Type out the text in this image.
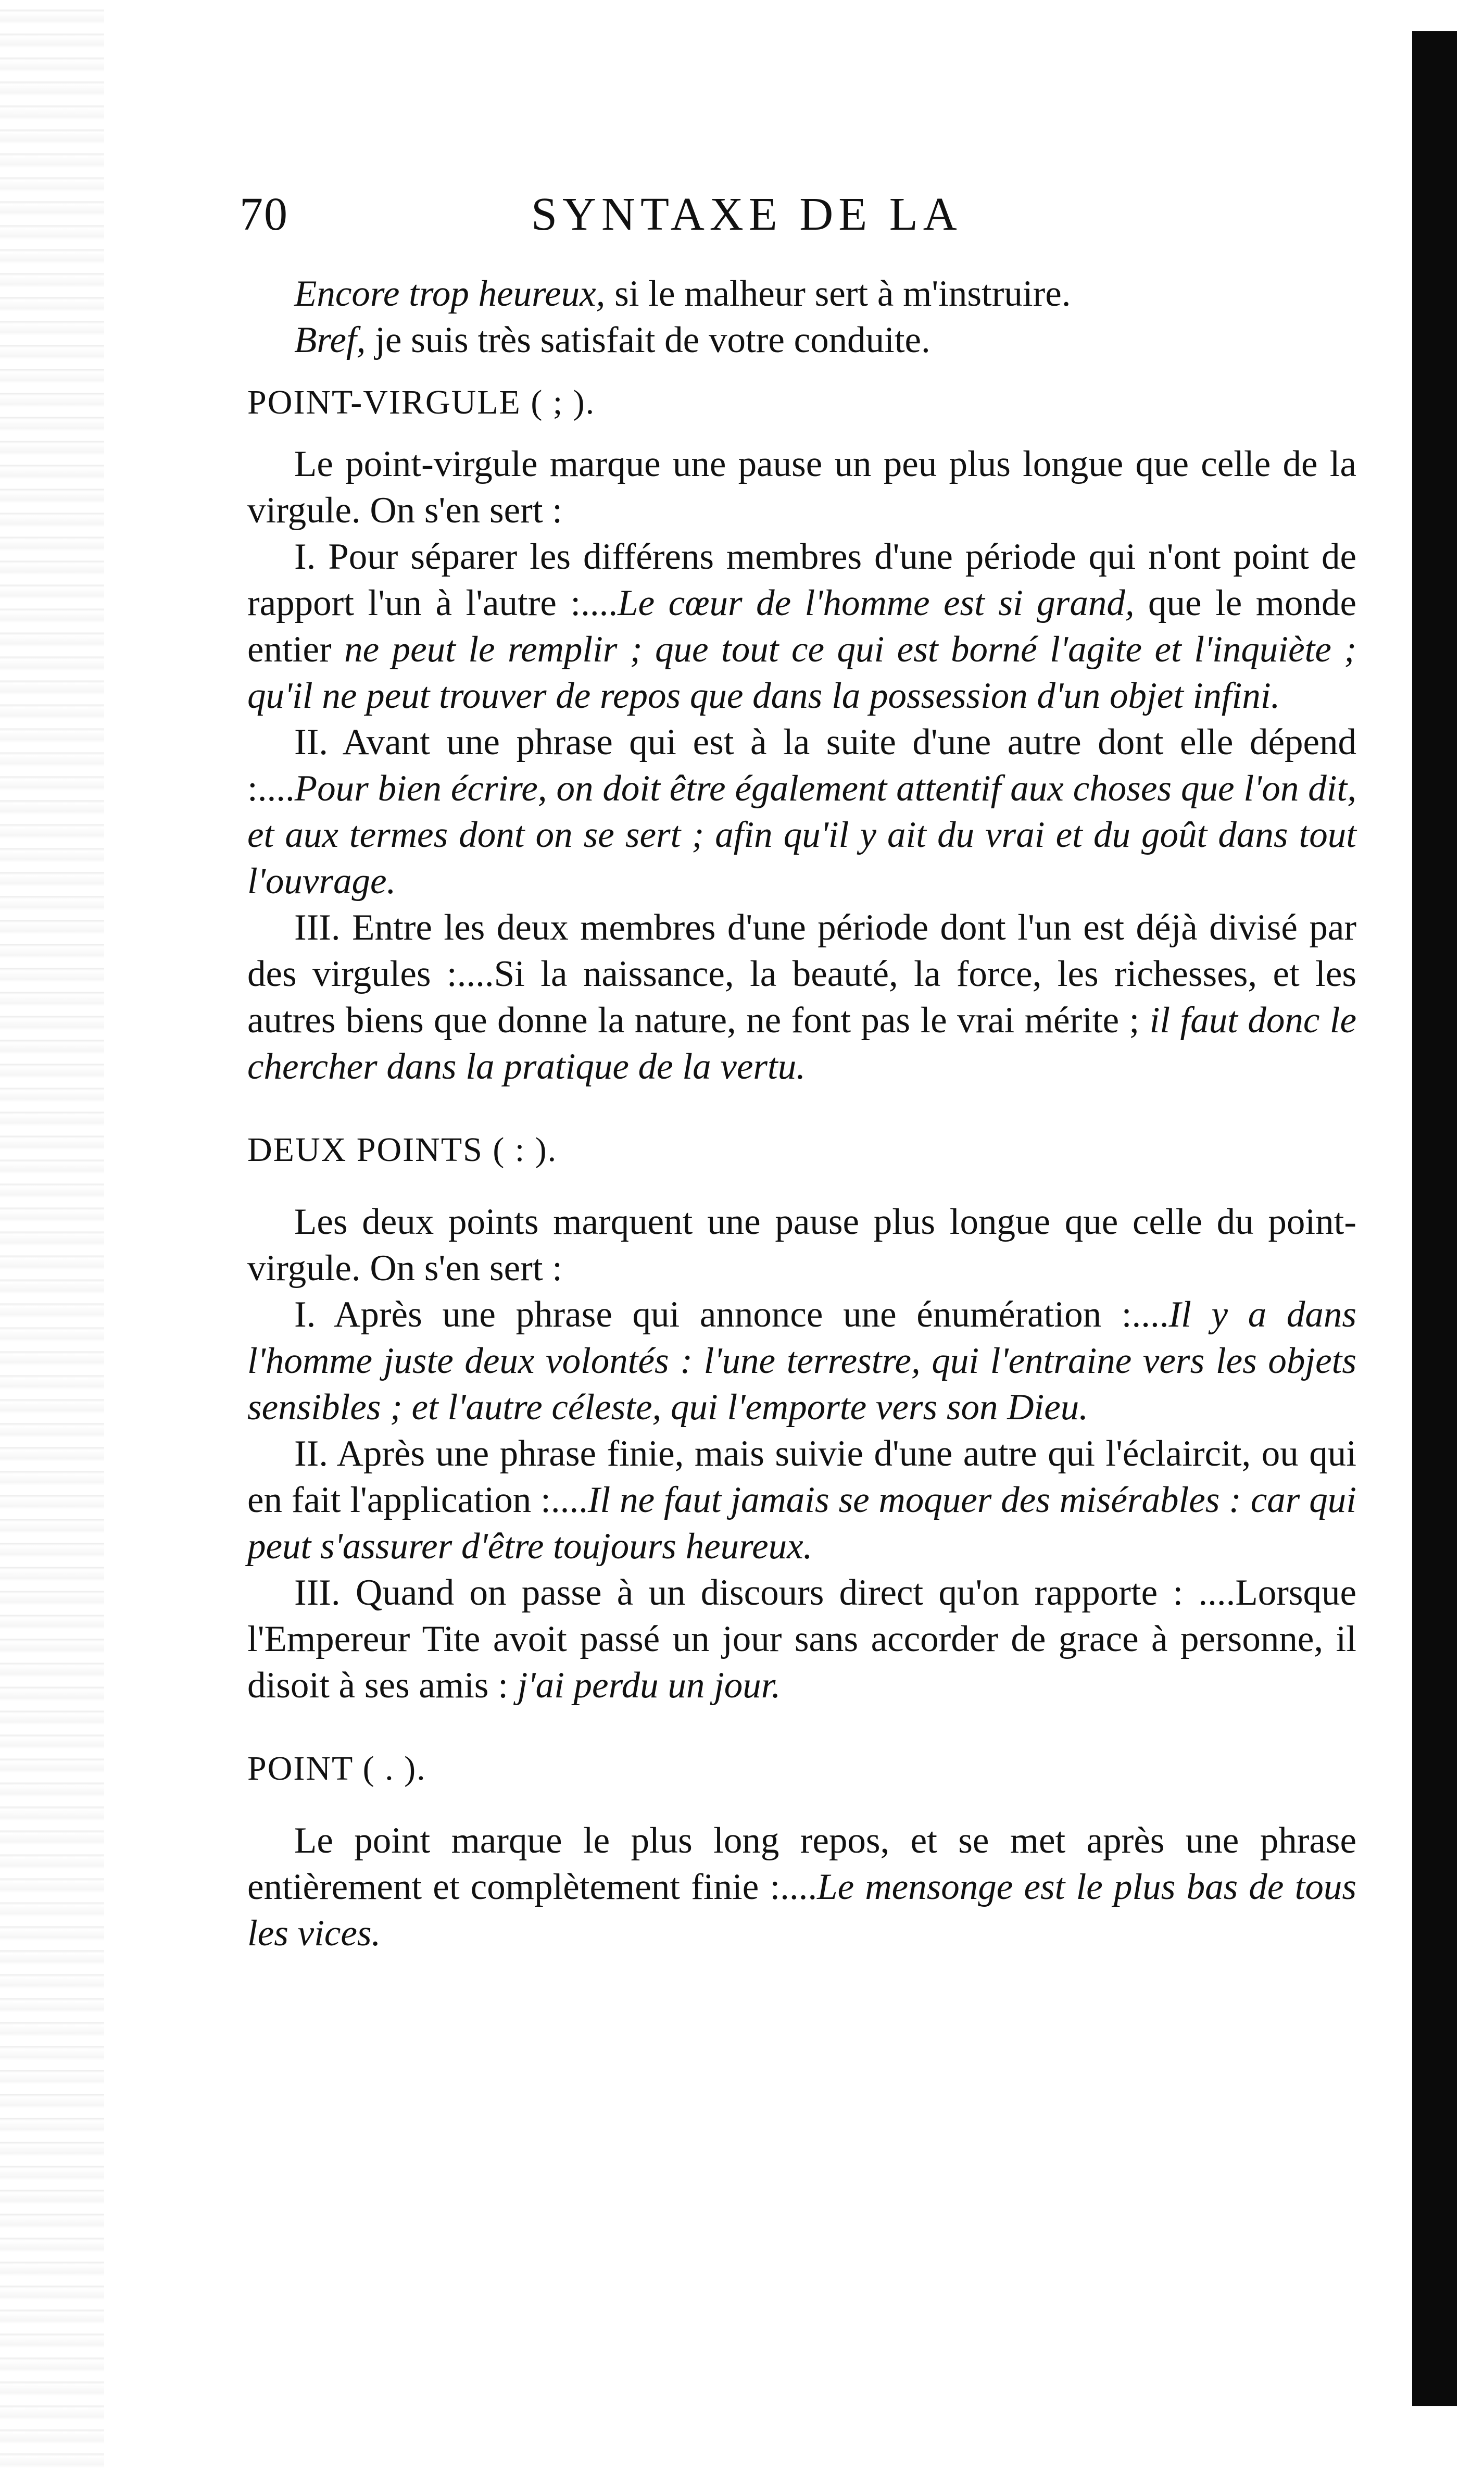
70	SYNTAXE DE LA

Encore trop heureux, si le malheur sert à m'instruire.

Bref, je suis très satisfait de votre conduite.

POINT-VIRGULE ( ; ).

Le point-virgule marque une pause un peu plus longue que celle de la virgule. On s'en sert :

I. Pour séparer les différens membres d'une période qui n'ont point de rapport l'un à l'autre :....Le cœur de l'homme est si grand, que le monde entier ne peut le remplir ; que tout ce qui est borné l'agite et l'inquiète ; qu'il ne peut trouver de repos que dans la possession d'un objet infini.

II. Avant une phrase qui est à la suite d'une autre dont elle dépend :....Pour bien écrire, on doit être également attentif aux choses que l'on dit, et aux termes dont on se sert ; afin qu'il y ait du vrai et du goût dans tout l'ouvrage.

III. Entre les deux membres d'une période dont l'un est déjà divisé par des virgules :....Si la naissance, la beauté, la force, les richesses, et les autres biens que donne la nature, ne font pas le vrai mérite ; il faut donc le chercher dans la pratique de la vertu.

DEUX POINTS ( : ).

Les deux points marquent une pause plus longue que celle du point-virgule. On s'en sert :

I. Après une phrase qui annonce une énumération :....Il y a dans l'homme juste deux volontés : l'une terrestre, qui l'entraine vers les objets sensibles ; et l'autre céleste, qui l'emporte vers son Dieu.

II. Après une phrase finie, mais suivie d'une autre qui l'éclaircit, ou qui en fait l'application :....Il ne faut jamais se moquer des misérables : car qui peut s'assurer d'être toujours heureux.

III. Quand on passe à un discours direct qu'on rapporte : ....Lorsque l'Empereur Tite avoit passé un jour sans accorder de grace à personne, il disoit à ses amis : j'ai perdu un jour.

POINT ( . ).

Le point marque le plus long repos, et se met après une phrase entièrement et complètement finie :....Le mensonge est le plus bas de tous les vices.
